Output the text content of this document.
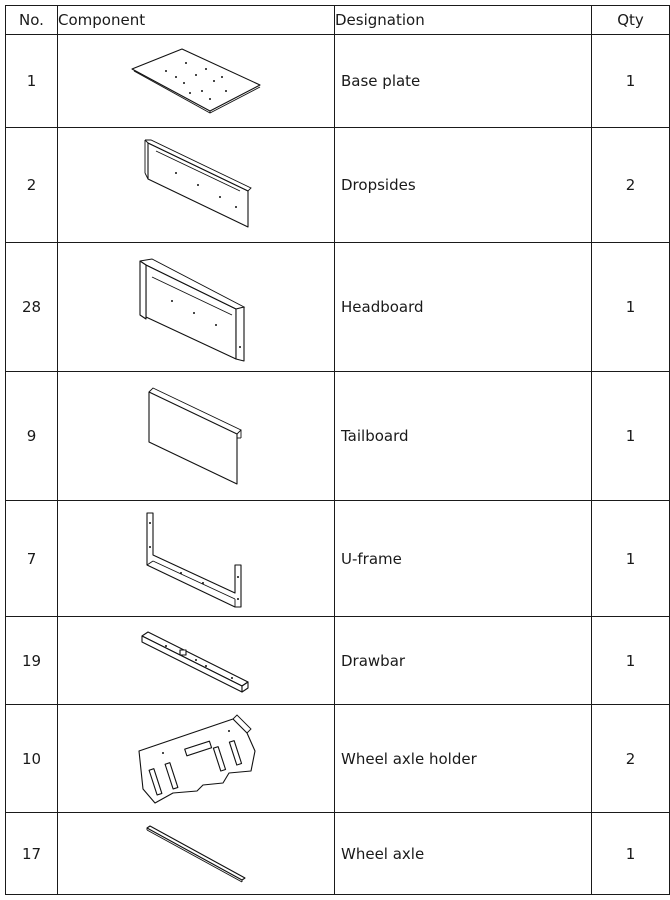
No.	Component	Designation	Qty
1		Base plate	1
2		Dropsides	2
28		Headboard	1
9		Tailboard	1
7		U-frame	1
19		Drawbar	1
10		Wheel axle holder	2
17		Wheel axle	1
